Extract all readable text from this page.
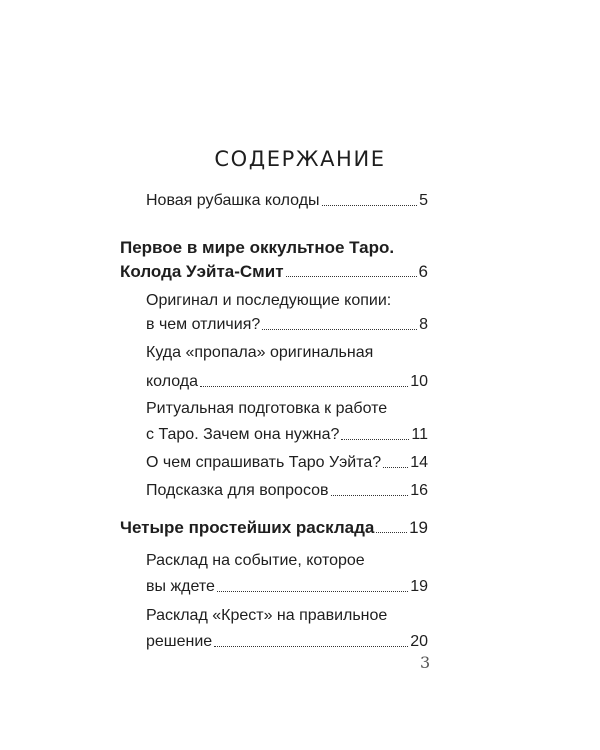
СОДЕРЖАНИЕ
Новая рубашка колоды	5
Первое в мире оккультное Таро.
Колода Уэйта-Смит	6
Оригинал и последующие копии:
в чем отличия?	8
Куда «пропала» оригинальная
колода	10
Ритуальная подготовка к работе
с Таро. Зачем она нужна?	11
О чем спрашивать Таро Уэйта? 14
Подсказка для вопросов	16
Четыре простейших расклада 19
Расклад на событие, которое
вы ждете	19
Расклад «Крест» на правильное
решение	20
3
